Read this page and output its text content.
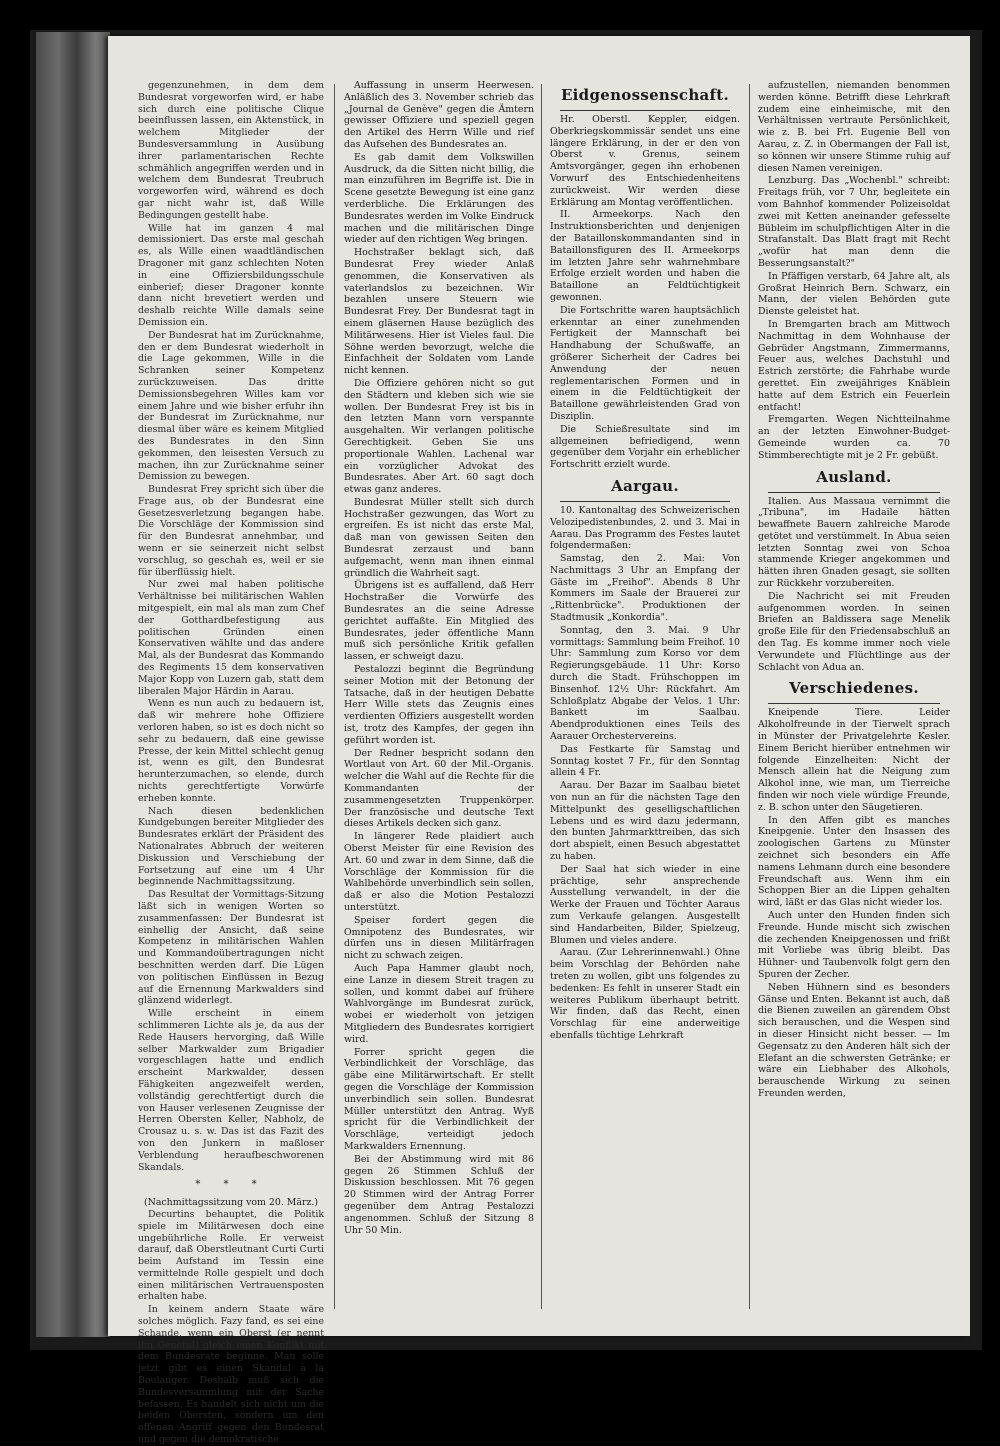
gegenzunehmen, in dem dem Bundesrat vorgeworfen wird, er habe sich durch eine politische Clique beeinflussen lassen, ein Aktenstück, in welchem Mitglieder der Bundesversammlung in Ausübung ihrer parlamentarischen Rechte schmählich angegriffen werden und in welchem dem Bundesrat Treubruch vorgeworfen wird, während es doch gar nicht wahr ist, daß Wille Bedingungen gestellt habe.

Wille hat im ganzen 4 mal demissioniert. Das erste mal geschah es, als Wille einen waadtländischen Dragoner mit ganz schlechten Noten in eine Offiziersbildungsschule einberief; dieser Dragoner konnte dann nicht brevetiert werden und deshalb reichte Wille damals seine Demission ein.

Der Bundesrat hat im Zurücknahme, den er dem Bundesrat wiederholt in die Lage gekommen, Wille in die Schranken seiner Kompetenz zurückzuweisen. Das dritte Demissionsbegehren Willes kam vor einem Jahre und wie bisher erfuhr ihn der Bundesrat im Zurücknahme, nur diesmal über wäre es keinem Mitglied des Bundesrates in den Sinn gekommen, den leisesten Versuch zu machen, ihn zur Zurücknahme seiner Demission zu bewegen.

Bundesrat Frey spricht sich über die Frage aus, ob der Bundesrat eine Gesetzesverletzung begangen habe. Die Vorschläge der Kommission sind für den Bundesrat annehmbar, und wenn er sie seinerzeit nicht selbst vorschlug, so geschah es, weil er sie für überflüssig hielt.

Nur zwei mal haben politische Verhältnisse bei militärischen Wahlen mitgespielt, ein mal als man zum Chef der Gotthardbefestigung aus politischen Gründen einen Konservativen wählte und das andere Mal, als der Bundesrat das Kommando des Regiments 15 dem konservativen Major Kopp von Luzern gab, statt dem liberalen Major Härdin in Aarau.

Wenn es nun auch zu bedauern ist, daß wir mehrere hohe Offiziere verloren haben, so ist es doch nicht so sehr zu bedauern, daß eine gewisse Presse, der kein Mittel schlecht genug ist, wenn es gilt, den Bundesrat herunterzumachen, so elende, durch nichts gerechtfertigte Vorwürfe erheben konnte.

Nach diesen bedenklichen Kundgebungen bereiter Mitglieder des Bundesrates erklärt der Präsident des Nationalrates Abbruch der weiteren Diskussion und Verschiebung der Fortsetzung auf eine um 4 Uhr beginnende Nachmittagssitzung.

Das Resultat der Vormittags-Sitzung läßt sich in wenigen Worten so zusammenfassen: Der Bundesrat ist einhellig der Ansicht, daß seine Kompetenz in militärischen Wahlen und Kommandoübertragungen nicht beschnitten werden darf. Die Lügen von politischen Einflüssen in Bezug auf die Ernennung Markwalders sind glänzend widerlegt.

Wille erscheint in einem schlimmeren Lichte als je, da aus der Rede Hausers hervorging, daß Wille selber Markwalder zum Brigadier vorgeschlagen hatte und endlich erscheint Markwalder, dessen Fähigkeiten angezweifelt werden, vollständig gerechtfertigt durch die von Hauser verlesenen Zeugnisse der Herren Obersten Keller, Nabholz, de Crousaz u. s. w. Das ist das Fazit des von den Junkern in maßloser Verblendung heraufbeschworenen Skandals.

* * *
(Nachmittagssitzung vom 20. März.)

Decurtins behauptet, die Politik spiele im Militärwesen doch eine ungebührliche Rolle. Er verweist darauf, daß Oberstleutnant Curti Curti beim Aufstand im Tessin eine vermittelnde Rolle gespielt und doch einen militärischen Vertrauensposten erhalten habe.

In keinem andern Staate wäre solches möglich. Fazy fand, es sei eine Schande, wenn ein Oberst (er nennt ihn General) gleich einen Konflikt mit dem Bundesrate beginne. Man solle jetzt gibt es einen Skandal à la Boulanger. Deshalb muß sich die Bundesversammlung mit der Sache befassen. Es handelt sich nicht um die beiden Obersten, sondern um den offenen Angriff gegen den Bundesrat und gegen die demokratische

Auffassung in unserm Heerwesen. Anläßlich des 3. November schrieb das „Journal de Genève" gegen die Ämtern gewisser Offiziere und speziell gegen den Artikel des Herrn Wille und rief das Aufsehen des Bundesrates an.

Es gab damit dem Volkswillen Ausdruck, da die Sitten nicht billig, die man einzuführen im Begriffe ist. Die in Scene gesetzte Bewegung ist eine ganz verderbliche. Die Erklärungen des Bundesrates werden im Volke Eindruck machen und die militärischen Dinge wieder auf den richtigen Weg bringen.

Hochstraßer beklagt sich, daß Bundesrat Frey wieder Anlaß genommen, die Konservativen als vaterlandslos zu bezeichnen. Wir bezahlen unsere Steuern wie Bundesrat Frey. Der Bundesrat tagt in einem gläsernen Hause bezüglich des Militärwesens. Hier ist Vieles faul. Die Söhne werden bevorzugt, welche die Einfachheit der Soldaten vom Lande nicht kennen.

Die Offiziere gehören nicht so gut den Städtern und kleben sich wie sie wollen. Der Bundesrat Frey ist bis in den letzten Mann vorn verspannte ausgehalten. Wir verlangen politische Gerechtigkeit. Geben Sie uns proportionale Wahlen. Lachenal war ein vorzüglicher Advokat des Bundesrates. Aber Art. 60 sagt doch etwas ganz anderes.

Bundesrat Müller stellt sich durch Hochstraßer gezwungen, das Wort zu ergreifen. Es ist nicht das erste Mal, daß man von gewissen Seiten den Bundesrat zerzaust und bann aufgemacht, wenn man ihnen einmal gründlich die Wahrheit sagt.

Übrigens ist es auffallend, daß Herr Hochstraßer die Vorwürfe des Bundesrates an die seine Adresse gerichtet auffaßte. Ein Mitglied des Bundesrates, jeder öffentliche Mann muß sich persönliche Kritik gefallen lassen, er schweigt dazu.

Pestalozzi beginnt die Begründung seiner Motion mit der Betonung der Tatsache, daß in der heutigen Debatte Herr Wille stets das Zeugnis eines verdienten Offiziers ausgestellt worden ist, trotz des Kampfes, der gegen ihn geführt worden ist.

Der Redner bespricht sodann den Wortlaut von Art. 60 der Mil.-Organis. welcher die Wahl auf die Rechte für die Kommandanten der zusammengesetzten Truppenkörper. Der französische und deutsche Text dieses Artikels decken sich ganz.

In längerer Rede plaidiert auch Oberst Meister für eine Revision des Art. 60 und zwar in dem Sinne, daß die Vorschläge der Kommission für die Wahlbehörde unverbindlich sein sollen, daß er also die Motion Pestalozzi unterstützt.

Speiser fordert gegen die Omnipotenz des Bundesrates, wir dürfen uns in diesen Militärfragen nicht zu schwach zeigen.

Auch Papa Hammer glaubt noch, eine Lanze in diesem Streit tragen zu sollen, und kommt dabei auf frühere Wahlvorgänge im Bundesrat zurück, wobei er wiederholt von jetzigen Mitgliedern des Bundesrates korrigiert wird.

Forrer spricht gegen die Verbindlichkeit der Vorschläge, das gäbe eine Militärwirtschaft. Er stellt gegen die Vorschläge der Kommission unverbindlich sein sollen. Bundesrat Müller unterstützt den Antrag. Wyß spricht für die Verbindlichkeit der Vorschläge, verteidigt jedoch Markwalders Ernennung.

Bei der Abstimmung wird mit 86 gegen 26 Stimmen Schluß der Diskussion beschlossen. Mit 76 gegen 20 Stimmen wird der Antrag Forrer gegenüber dem Antrag Pestalozzi angenommen. Schluß der Sitzung 8 Uhr 50 Min.

Eidgenossenschaft.

Hr. Oberstl. Keppler, eidgen. Oberkriegskommissär sendet uns eine längere Erklärung, in der er den von Oberst v. Grenus, seinem Amtsvorgänger, gegen ihn erhobenen Vorwurf des Entschiedenheitens zurückweist. Wir werden diese Erklärung am Montag veröffentlichen.

II. Armeekorps. Nach den Instruktionsberichten und denjenigen der Bataillonskommandanten sind in Bataillonsfiguren des II. Armeekorps im letzten Jahre sehr wahrnehmbare Erfolge erzielt worden und haben die Bataillone an Feldtüchtigkeit gewonnen.

Die Fortschritte waren hauptsächlich erkenntar an einer zunehmenden Fertigkeit der Mannschaft bei Handhabung der Schußwaffe, an größerer Sicherheit der Cadres bei Anwendung der neuen reglementarischen Formen und in einem in die Feldtüchtigkeit der Bataillone gewährleistenden Grad von Disziplin.

Die Schießresultate sind im allgemeinen befriedigend, wenn gegenüber dem Vorjahr ein erheblicher Fortschritt erzielt wurde.

Aargau.

10. Kantonaltag des Schweizerischen Velozipedistenbundes, 2. und 3. Mai in Aarau. Das Programm des Festes lautet folgendermaßen:

Samstag, den 2. Mai: Von Nachmittags 3 Uhr an Empfang der Gäste im „Freihof". Abends 8 Uhr Kommers im Saale der Brauerei zur „Rittenbrücke". Produktionen der Stadtmusik „Konkordia".

Sonntag, den 3. Mai. 9 Uhr vormittags: Sammlung beim Freihof. 10 Uhr: Sammlung zum Korso vor dem Regierungsgebäude. 11 Uhr: Korso durch die Stadt. Frühschoppen im Binsenhof. 12½ Uhr: Rückfahrt. Am Schloßplatz Abgabe der Velos. 1 Uhr: Bankett im Saalbau. Abendproduktionen eines Teils des Aarauer Orchestervereins.

Das Festkarte für Samstag und Sonntag kostet 7 Fr., für den Sonntag allein 4 Fr.

Aarau. Der Bazar im Saalbau bietet von nun an für die nächsten Tage den Mittelpunkt des geselligschaftlichen Lebens und es wird dazu jedermann, den bunten Jahrmarkttreiben, das sich dort abspielt, einen Besuch abgestattet zu haben.

Der Saal hat sich wieder in eine prächtige, sehr ansprechende Ausstellung verwandelt, in der die Werke der Frauen und Töchter Aaraus zum Verkaufe gelangen. Ausgestellt sind Handarbeiten, Bilder, Spielzeug, Blumen und vieles andere.

Aarau. (Zur Lehrerinnenwahl.) Ohne beim Vorschlag der Behörden nahe treten zu wollen, gibt uns folgendes zu bedenken: Es fehlt in unserer Stadt ein weiteres Publikum überhaupt betritt. Wir finden, daß das Recht, einen Vorschlag für eine anderweitige ebenfalls tüchtige Lehrkraft

aufzustellen, niemanden benommen werden könne. Betrifft diese Lehrkraft zudem eine einheimische, mit den Verhältnissen vertraute Persönlichkeit, wie z. B. bei Frl. Eugenie Bell von Aarau, z. Z. in Obermangen der Fall ist, so können wir unsere Stimme ruhig auf diesen Namen vereinigen.

Lenzburg. Das „Wochenbl." schreibt: Freitags früh, vor 7 Uhr, begleitete ein vom Bahnhof kommender Polizeisoldat zwei mit Ketten aneinander gefesselte Bübleim im schulpflichtigen Alter in die Strafanstalt. Das Blatt fragt mit Recht „wofür hat man denn die Besserungsanstalt?"

In Pfäffigen verstarb, 64 Jahre alt, als Großrat Heinrich Bern. Schwarz, ein Mann, der vielen Behörden gute Dienste geleistet hat.

In Bremgarten brach am Mittwoch Nachmittag in dem Wohnhause der Gebrüder Angstmann, Zimmermanns, Feuer aus, welches Dachstuhl und Estrich zerstörte; die Fahrhabe wurde gerettet. Ein zweijähriges Knäblein hatte auf dem Estrich ein Feuerlein entfacht!

Fremgarten. Wegen Nichtteilnahme an der letzten Einwohner-Budget-Gemeinde wurden ca. 70 Stimmberechtigte mit je 2 Fr. gebüßt.

Ausland.

Italien. Aus Massaua vernimmt die „Tribuna", im Hadaile hätten bewaffnete Bauern zahlreiche Marode getötet und verstümmelt. In Abua seien letzten Sonntag zwei von Schoa stammende Krieger angekommen und hätten ihren Gnaden gesagt, sie sollten zur Rückkehr vorzubereiten.

Die Nachricht sei mit Freuden aufgenommen worden. In seinen Briefen an Baldissera sage Menelik große Eile für den Friedensabschluß an den Tag. Es komme immer noch viele Verwundete und Flüchtlinge aus der Schlacht von Adua an.

Verschiedenes.

Kneipende Tiere. Leider Alkoholfreunde in der Tierwelt sprach in Münster der Privatgelehrte Kesler. Einem Bericht hierüber entnehmen wir folgende Einzelheiten: Nicht der Mensch allein hat die Neigung zum Alkohol inne, wie man, um Tierreiche finden wir noch viele würdige Freunde, z. B. schon unter den Säugetieren.

In den Affen gibt es manches Kneipgenie. Unter den Insassen des zoologischen Gartens zu Münster zeichnet sich besonders ein Affe namens Lehmann durch eine besondere Freundschaft aus. Wenn ihm ein Schoppen Bier an die Lippen gehalten wird, läßt er das Glas nicht wieder los.

Auch unter den Hunden finden sich Freunde. Hunde mischt sich zwischen die zechenden Kneipgenossen und frißt mit Vorliebe was übrig bleibt. Das Hühner- und Taubenvolk folgt gern den Spuren der Zecher.

Neben Hühnern sind es besonders Gänse und Enten. Bekannt ist auch, daß die Bienen zuweilen an gärendem Obst sich berauschen, und die Wespen sind in dieser Hinsicht nicht besser. — Im Gegensatz zu den Anderen hält sich der Elefant an die schwersten Getränke; er wäre ein Liebhaber des Alkohols, berauschende Wirkung zu seinen Freunden werden,
